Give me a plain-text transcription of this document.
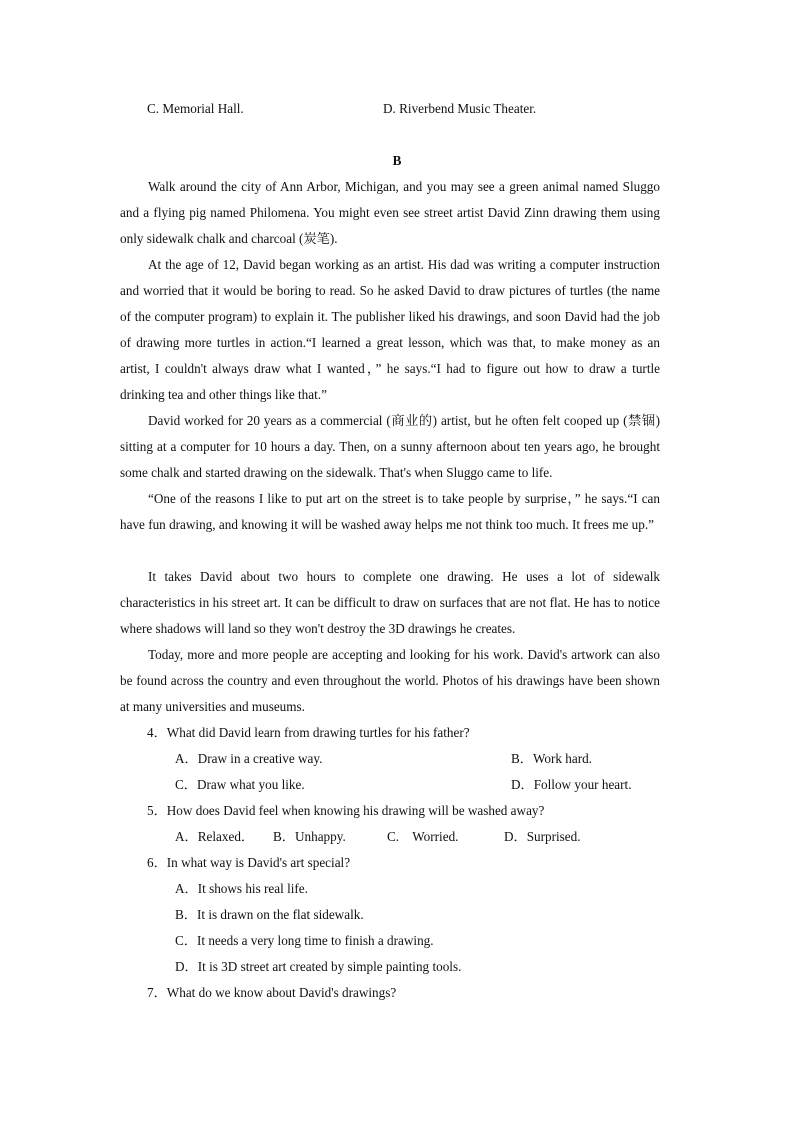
C. Memorial Hall.	D. Riverbend Music Theater.
B
Walk around the city of Ann Arbor, Michigan, and you may see a green animal named Sluggo and a flying pig named Philomena. You might even see street artist David Zinn drawing them using only sidewalk chalk and charcoal (炭笔).
At the age of 12, David began working as an artist. His dad was writing a computer instruction and worried that it would be boring to read. So he asked David to draw pictures of turtles (the name of the computer program) to explain it. The publisher liked his drawings, and soon David had the job of drawing more turtles in action.“I learned a great lesson, which was that, to make money as an artist, I couldn't always draw what I wanted，” he says.“I had to figure out how to draw a turtle drinking tea and other things like that.”
David worked for 20 years as a commercial (商业的) artist, but he often felt cooped up (禁锢) sitting at a computer for 10 hours a day. Then, on a sunny afternoon about ten years ago, he brought some chalk and started drawing on the sidewalk. That's when Sluggo came to life.
“One of the reasons I like to put art on the street is to take people by surprise，” he says.“I can have fun drawing, and knowing it will be washed away helps me not think too much. It frees me up.”
It takes David about two hours to complete one drawing. He uses a lot of sidewalk characteristics in his street art. It can be difficult to draw on surfaces that are not flat. He has to notice where shadows will land so they won't destroy the 3D drawings he creates.
Today, more and more people are accepting and looking for his work. David's artwork can also be found across the country and even throughout the world. Photos of his drawings have been shown at many universities and museums.
4．What did David learn from drawing turtles for his father?
A．Draw in a creative way.	B．Work hard.
C．Draw what you like.	D．Follow your heart.
5．How does David feel when knowing his drawing will be washed away?
A．Relaxed． B．Unhappy.	C.　Worried.	D．Surprised.
6．In what way is David's art special?
A．It shows his real life.
B．It is drawn on the flat sidewalk.
C．It needs a very long time to finish a drawing.
D．It is 3D street art created by simple painting tools.
7．What do we know about David's drawings?
